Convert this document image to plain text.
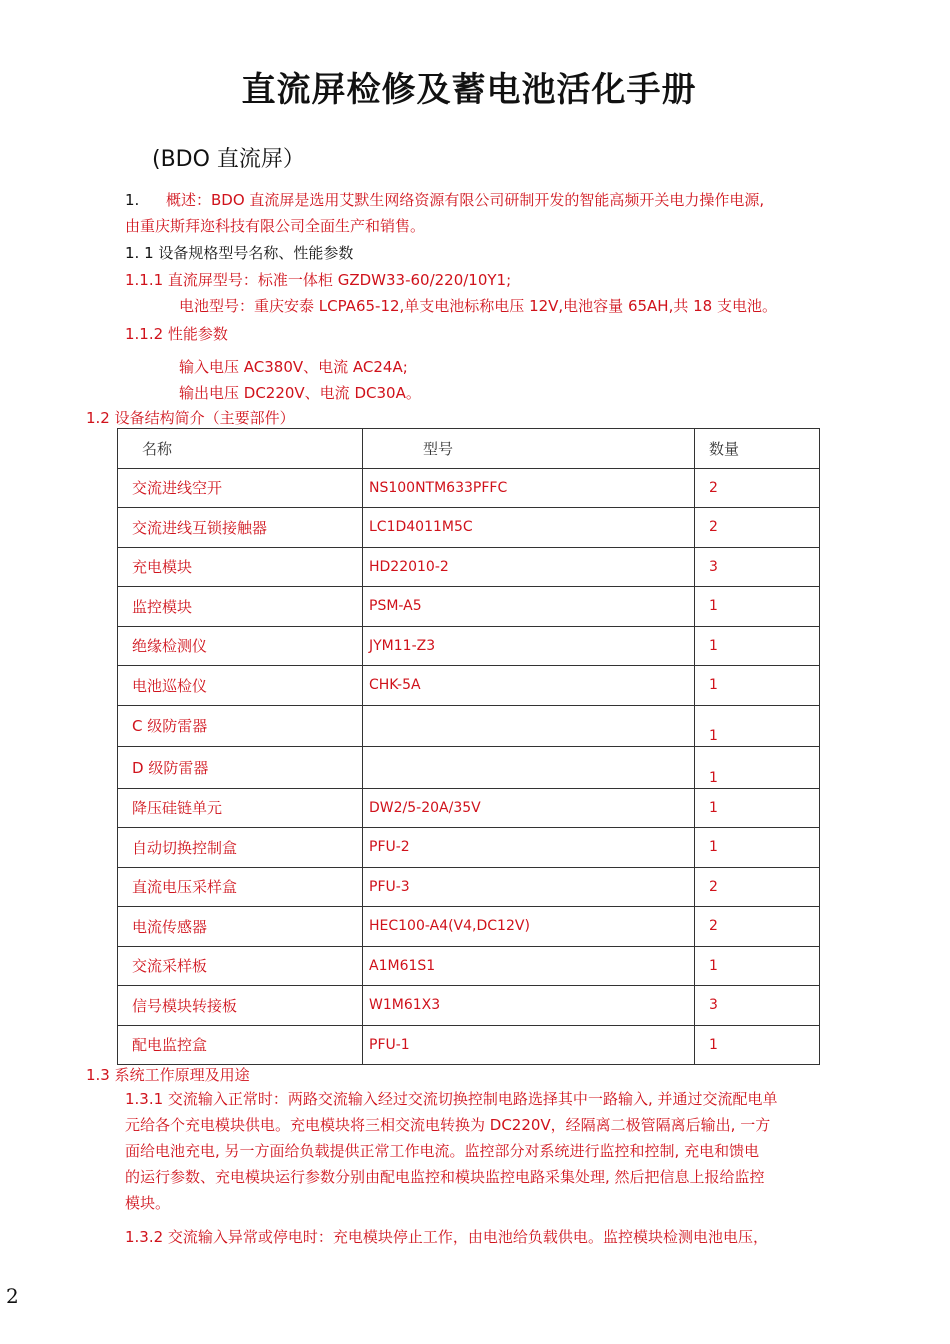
直流屏检修及蓄电池活化手册
(BDO 直流屏）
1. 概述：BDO 直流屏是选用艾默生网络资源有限公司研制开发的智能高频开关电力操作电源,
由重庆斯拜迩科技有限公司全面生产和销售。
1. 1 设备规格型号名称、性能参数
1.1.1 直流屏型号：标准一体柜 GZDW33-60/220/10Y1;
电池型号：重庆安泰 LCPA65-12,单支电池标称电压 12V,电池容量 65AH,共 18 支电池。
1.1.2 性能参数
输入电压 AC380V、电流 AC24A;
输出电压 DC220V、电流 DC30A。
1.2 设备结构简介（主要部件）
名称	型号	数量
交流进线空开	NS100NTM633PFFC	2
交流进线互锁接触器	LC1D4011M5C	2
充电模块	HD22010-2	3
监控模块	PSM-A5	1
绝缘检测仪	JYM11-Z3	1
电池巡检仪	CHK-5A	1
C 级防雷器		1
D 级防雷器		1
降压硅链单元	DW2/5-20A/35V	1
自动切换控制盒	PFU-2	1
直流电压采样盒	PFU-3	2
电流传感器	HEC100-A4(V4,DC12V)	2
交流采样板	A1M61S1	1
信号模块转接板	W1M61X3	3
配电监控盒	PFU-1	1
1.3 系统工作原理及用途
1.3.1 交流输入正常时：两路交流输入经过交流切换控制电路选择其中一路输入, 并通过交流配电单
元给各个充电模块供电。充电模块将三相交流电转换为 DC220V，经隔离二极管隔离后输出, 一方
面给电池充电, 另一方面给负载提供正常工作电流。监控部分对系统进行监控和控制, 充电和馈电
的运行参数、充电模块运行参数分别由配电监控和模块监控电路采集处理, 然后把信息上报给监控
模块。
1.3.2 交流输入异常或停电时：充电模块停止工作，由电池给负载供电。监控模块检测电池电压，
2
